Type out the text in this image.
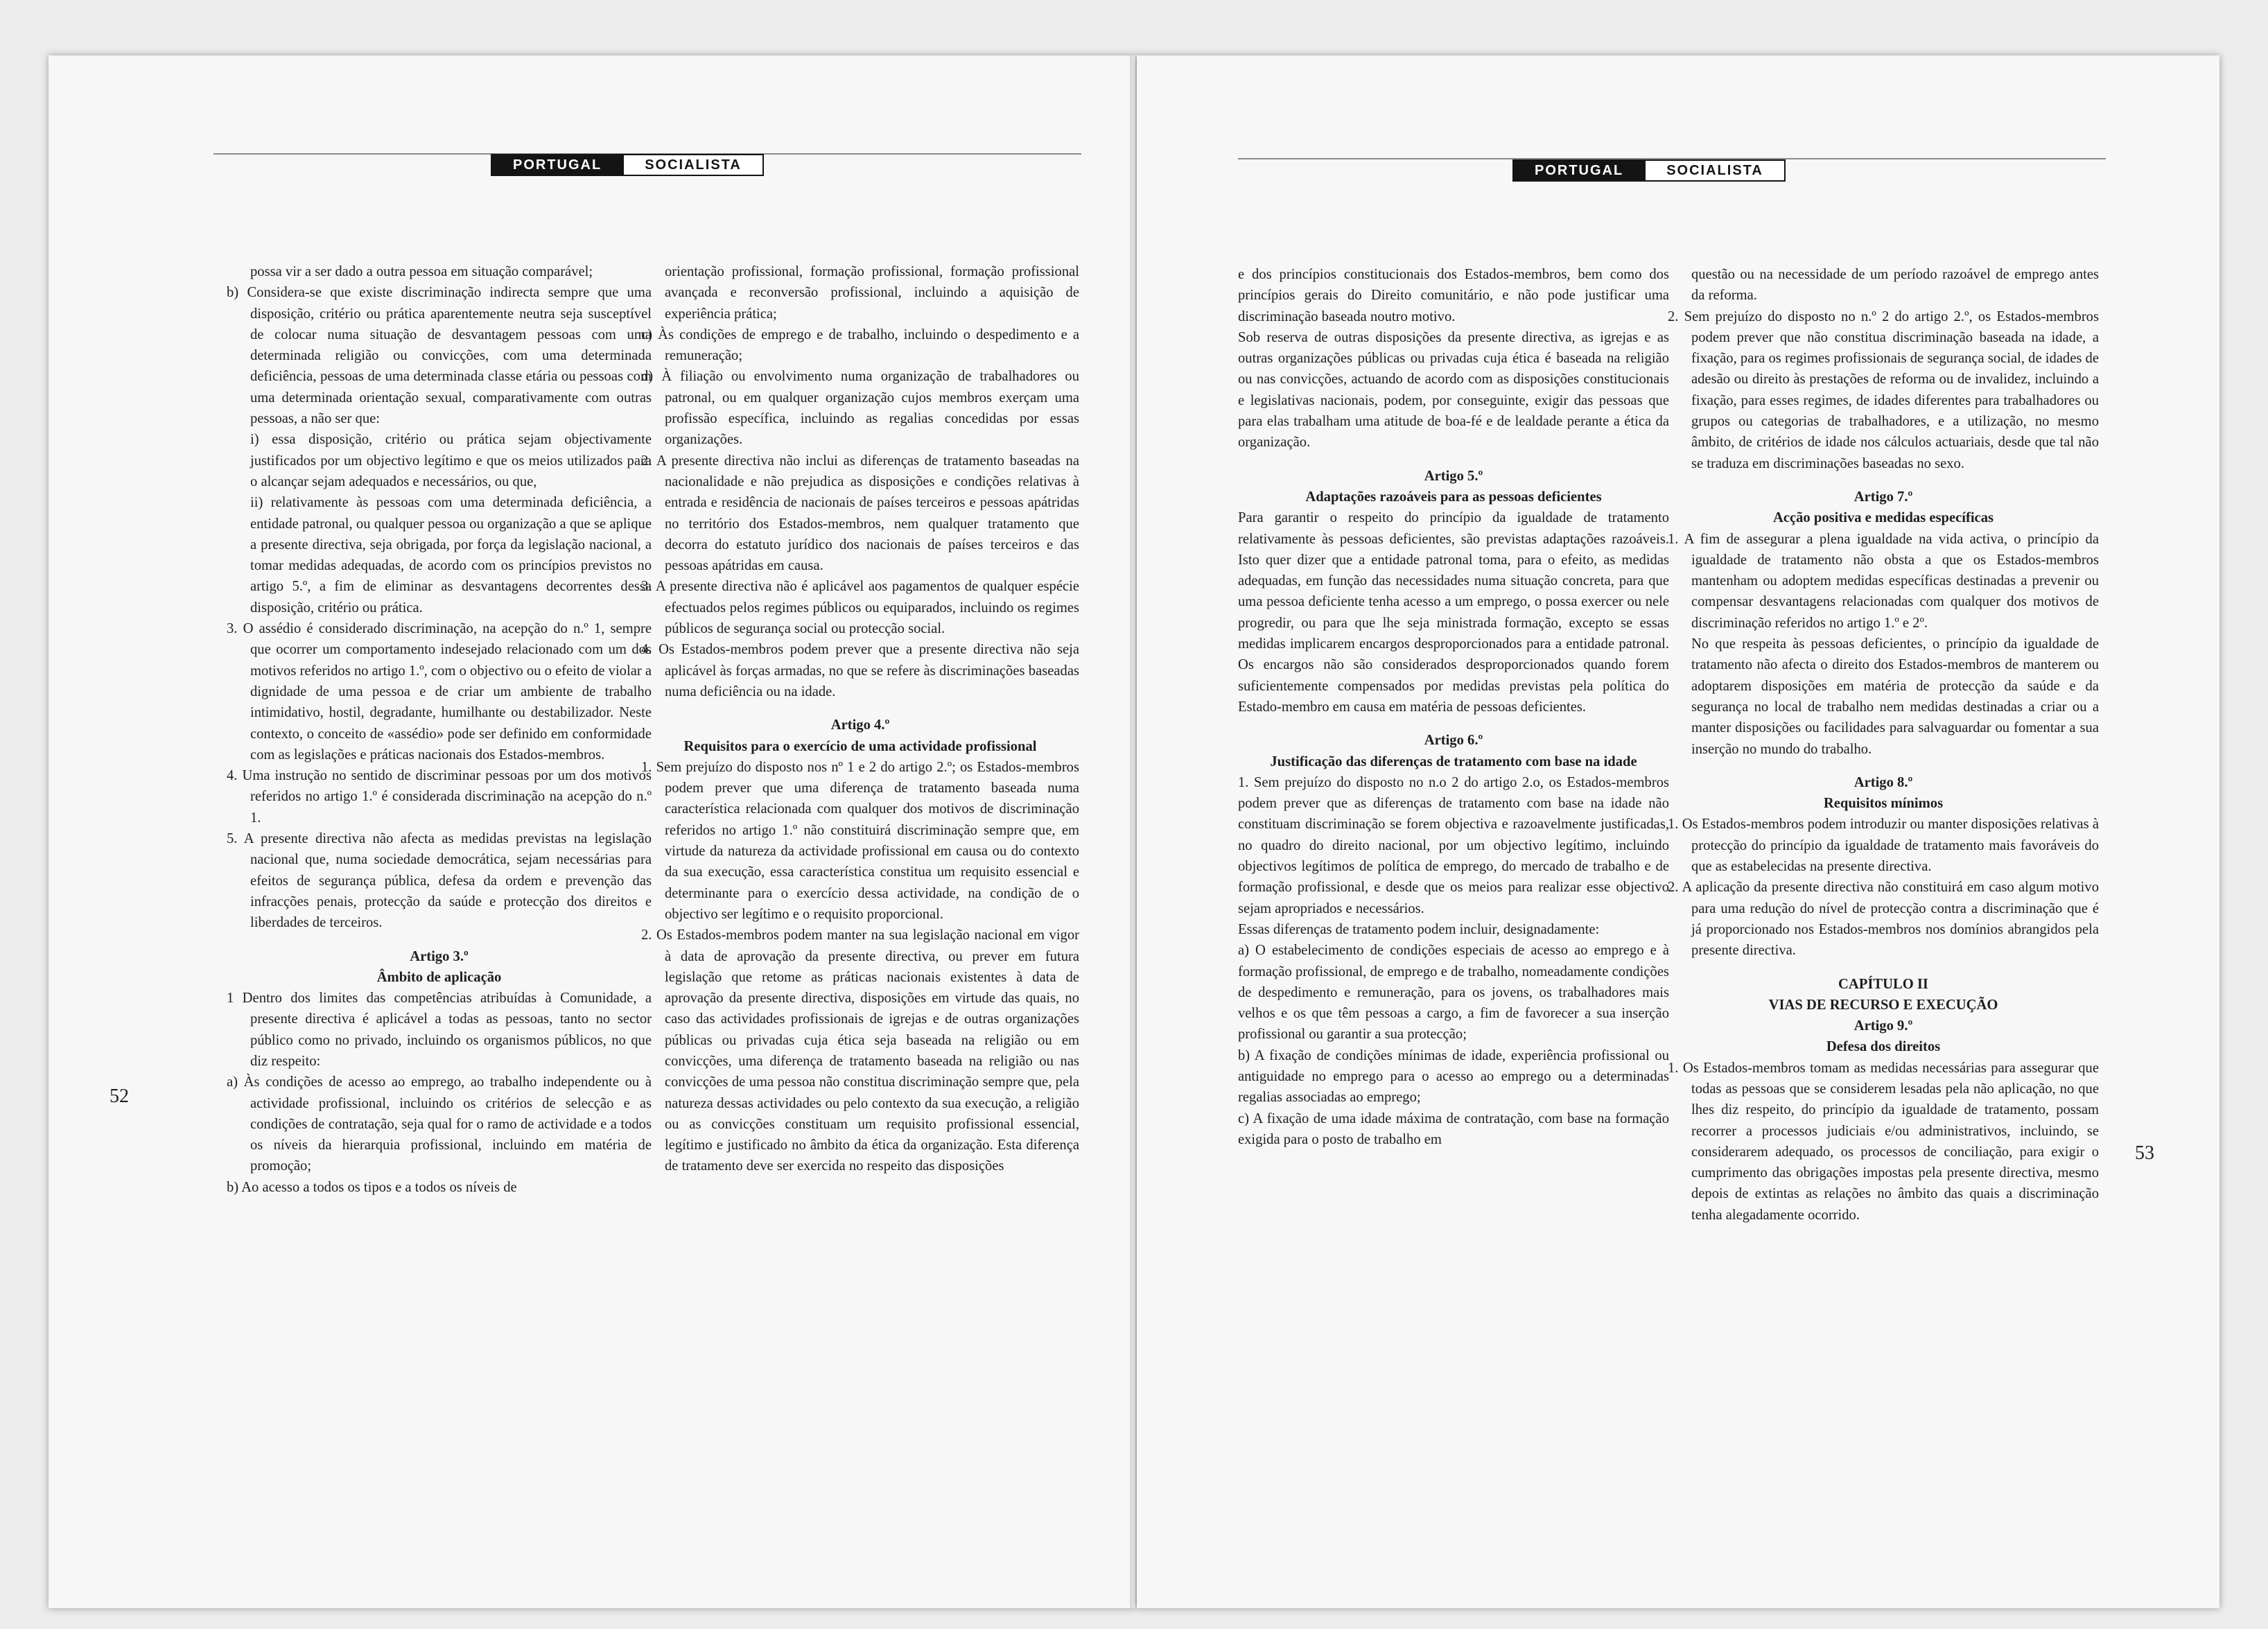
PORTUGAL	SOCIALISTA

possa vir a ser dado a outra pessoa em situação comparável;

b) Considera-se que existe discriminação indirecta sempre que uma disposição, critério ou prática aparentemente neutra seja susceptível de colocar numa situação de desvantagem pessoas com uma determinada religião ou convicções, com uma determinada deficiência, pessoas de uma determinada classe etária ou pessoas com uma determinada orientação sexual, comparativamente com outras pessoas, a não ser que:

i) essa disposição, critério ou prática sejam objectivamente justificados por um objectivo legítimo e que os meios utilizados para o alcançar sejam adequados e necessários, ou que,

ii) relativamente às pessoas com uma determinada deficiência, a entidade patronal, ou qualquer pessoa ou organização a que se aplique a presente directiva, seja obrigada, por força da legislação nacional, a tomar medidas adequadas, de acordo com os princípios previstos no artigo 5.º, a fim de eliminar as desvantagens decorrentes dessa disposição, critério ou prática.

3. O assédio é considerado discriminação, na acepção do n.º 1, sempre que ocorrer um comportamento indesejado relacionado com um dos motivos referidos no artigo 1.º, com o objectivo ou o efeito de violar a dignidade de uma pessoa e de criar um ambiente de trabalho intimidativo, hostil, degradante, humilhante ou destabilizador. Neste contexto, o conceito de «assédio» pode ser definido em conformidade com as legislações e práticas nacionais dos Estados-membros.

4. Uma instrução no sentido de discriminar pessoas por um dos motivos referidos no artigo 1.º é considerada discriminação na acepção do n.º 1.

5. A presente directiva não afecta as medidas previstas na legislação nacional que, numa sociedade democrática, sejam necessárias para efeitos de segurança pública, defesa da ordem e prevenção das infracções penais, protecção da saúde e protecção dos direitos e liberdades de terceiros.

Artigo 3.º

Âmbito de aplicação

1 Dentro dos limites das competências atribuídas à Comunidade, a presente directiva é aplicável a todas as pessoas, tanto no sector público como no privado, incluindo os organismos públicos, no que diz respeito:

a) Às condições de acesso ao emprego, ao trabalho independente ou à actividade profissional, incluindo os critérios de selecção e as condições de contratação, seja qual for o ramo de actividade e a todos os níveis da hierarquia profissional, incluindo em matéria de promoção;

b) Ao acesso a todos os tipos e a todos os níveis de

orientação profissional, formação profissional, formação profissional avançada e reconversão profissional, incluindo a aquisição de experiência prática;

c) Às condições de emprego e de trabalho, incluindo o despedimento e a remuneração;

d) À filiação ou envolvimento numa organização de trabalhadores ou patronal, ou em qualquer organização cujos membros exerçam uma profissão específica, incluindo as regalias concedidas por essas organizações.

2. A presente directiva não inclui as diferenças de tratamento baseadas na nacionalidade e não prejudica as disposições e condições relativas à entrada e residência de nacionais de países terceiros e pessoas apátridas no território dos Estados-membros, nem qualquer tratamento que decorra do estatuto jurídico dos nacionais de países terceiros e das pessoas apátridas em causa.

3. A presente directiva não é aplicável aos pagamentos de qualquer espécie efectuados pelos regimes públicos ou equiparados, incluindo os regimes públicos de segurança social ou protecção social.

4. Os Estados-membros podem prever que a presente directiva não seja aplicável às forças armadas, no que se refere às discriminações baseadas numa deficiência ou na idade.

Artigo 4.º

Requisitos para o exercício de uma actividade profissional

1. Sem prejuízo do disposto nos nº 1 e 2 do artigo 2.º; os Estados-membros podem prever que uma diferença de tratamento baseada numa característica relacionada com qualquer dos motivos de discriminação referidos no artigo 1.º não constituirá discriminação sempre que, em virtude da natureza da actividade profissional em causa ou do contexto da sua execução, essa característica constitua um requisito essencial e determinante para o exercício dessa actividade, na condição de o objectivo ser legítimo e o requisito proporcional.

2. Os Estados-membros podem manter na sua legislação nacional em vigor à data de aprovação da presente directiva, ou prever em futura legislação que retome as práticas nacionais existentes à data de aprovação da presente directiva, disposições em virtude das quais, no caso das actividades profissionais de igrejas e de outras organizações públicas ou privadas cuja ética seja baseada na religião ou em convicções, uma diferença de tratamento baseada na religião ou nas convicções de uma pessoa não constitua discriminação sempre que, pela natureza dessas actividades ou pelo contexto da sua execução, a religião ou as convicções constituam um requisito profissional essencial, legítimo e justificado no âmbito da ética da organização. Esta diferença de tratamento deve ser exercida no respeito das disposições

52
PORTUGAL	SOCIALISTA

e dos princípios constitucionais dos Estados-membros, bem como dos princípios gerais do Direito comunitário, e não pode justificar uma discriminação baseada noutro motivo.

Sob reserva de outras disposições da presente directiva, as igrejas e as outras organizações públicas ou privadas cuja ética é baseada na religião ou nas convicções, actuando de acordo com as disposições constitucionais e legislativas nacionais, podem, por conseguinte, exigir das pessoas que para elas trabalham uma atitude de boa-fé e de lealdade perante a ética da organização.

Artigo 5.º

Adaptações razoáveis para as pessoas deficientes

Para garantir o respeito do princípio da igualdade de tratamento relativamente às pessoas deficientes, são previstas adaptações razoáveis. Isto quer dizer que a entidade patronal toma, para o efeito, as medidas adequadas, em função das necessidades numa situação concreta, para que uma pessoa deficiente tenha acesso a um emprego, o possa exercer ou nele progredir, ou para que lhe seja ministrada formação, excepto se essas medidas implicarem encargos desproporcionados para a entidade patronal. Os encargos não são considerados desproporcionados quando forem suficientemente compensados por medidas previstas pela política do Estado-membro em causa em matéria de pessoas deficientes.

Artigo 6.º

Justificação das diferenças de tratamento com base na idade

1. Sem prejuízo do disposto no n.o 2 do artigo 2.o, os Estados-membros podem prever que as diferenças de tratamento com base na idade não constituam discriminação se forem objectiva e razoavelmente justificadas, no quadro do direito nacional, por um objectivo legítimo, incluindo objectivos legítimos de política de emprego, do mercado de trabalho e de formação profissional, e desde que os meios para realizar esse objectivo sejam apropriados e necessários.

Essas diferenças de tratamento podem incluir, designadamente:

a) O estabelecimento de condições especiais de acesso ao emprego e à formação profissional, de emprego e de trabalho, nomeadamente condições de despedimento e remuneração, para os jovens, os trabalhadores mais velhos e os que têm pessoas a cargo, a fim de favorecer a sua inserção profissional ou garantir a sua protecção;

b) A fixação de condições mínimas de idade, experiência profissional ou antiguidade no emprego para o acesso ao emprego ou a determinadas regalias associadas ao emprego;

c) A fixação de uma idade máxima de contratação, com base na formação exigida para o posto de trabalho em

questão ou na necessidade de um período razoável de emprego antes da reforma.

2. Sem prejuízo do disposto no n.º 2 do artigo 2.º, os Estados-membros podem prever que não constitua discriminação baseada na idade, a fixação, para os regimes profissionais de segurança social, de idades de adesão ou direito às prestações de reforma ou de invalidez, incluindo a fixação, para esses regimes, de idades diferentes para trabalhadores ou grupos ou categorias de trabalhadores, e a utilização, no mesmo âmbito, de critérios de idade nos cálculos actuariais, desde que tal não se traduza em discriminações baseadas no sexo.

Artigo 7.º

Acção positiva e medidas específicas

1. A fim de assegurar a plena igualdade na vida activa, o princípio da igualdade de tratamento não obsta a que os Estados-membros mantenham ou adoptem medidas específicas destinadas a prevenir ou compensar desvantagens relacionadas com qualquer dos motivos de discriminação referidos no artigo 1.º e 2º.

No que respeita às pessoas deficientes, o princípio da igualdade de tratamento não afecta o direito dos Estados-membros de manterem ou adoptarem disposições em matéria de protecção da saúde e da segurança no local de trabalho nem medidas destinadas a criar ou a manter disposições ou facilidades para salvaguardar ou fomentar a sua inserção no mundo do trabalho.

Artigo 8.º

Requisitos mínimos

1. Os Estados-membros podem introduzir ou manter disposições relativas à protecção do princípio da igualdade de tratamento mais favoráveis do que as estabelecidas na presente directiva.

2. A aplicação da presente directiva não constituirá em caso algum motivo para uma redução do nível de protecção contra a discriminação que é já proporcionado nos Estados-membros nos domínios abrangidos pela presente directiva.

CAPÍTULO II

VIAS DE RECURSO E EXECUÇÃO

Artigo 9.º

Defesa dos direitos

1. Os Estados-membros tomam as medidas necessárias para assegurar que todas as pessoas que se considerem lesadas pela não aplicação, no que lhes diz respeito, do princípio da igualdade de tratamento, possam recorrer a processos judiciais e/ou administrativos, incluindo, se considerarem adequado, os processos de conciliação, para exigir o cumprimento das obrigações impostas pela presente directiva, mesmo depois de extintas as relações no âmbito das quais a discriminação tenha alegadamente ocorrido.

53
